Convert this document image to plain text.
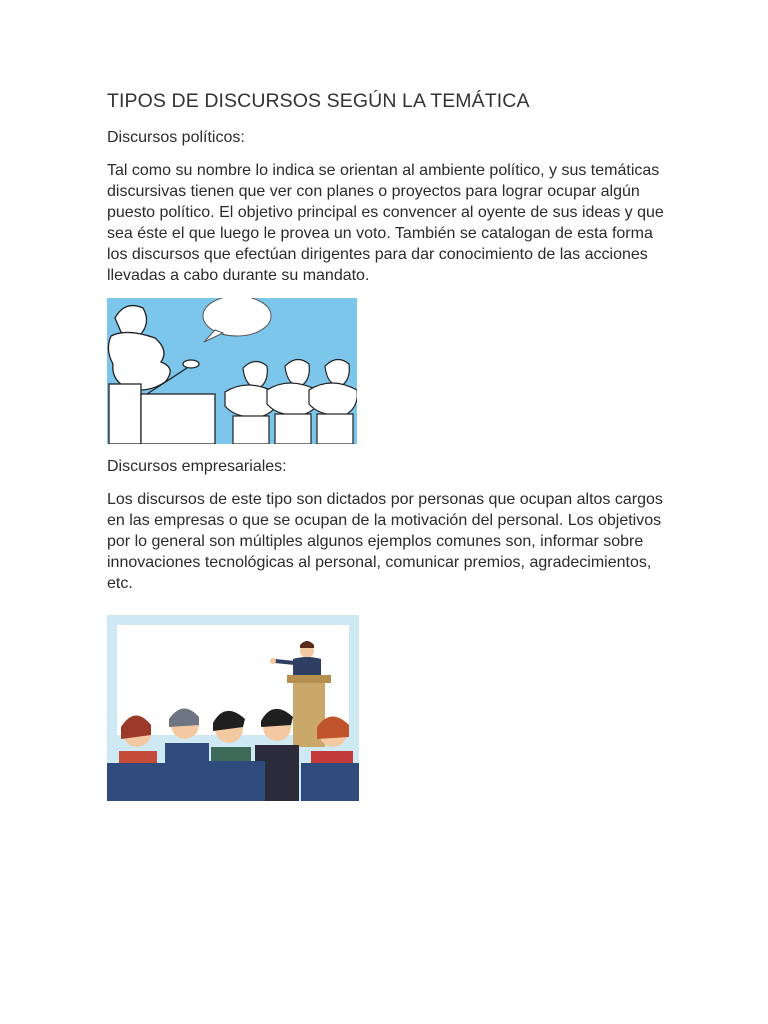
TIPOS DE DISCURSOS SEGÚN LA TEMÁTICA

Discursos políticos:

Tal como su nombre lo indica se orientan al ambiente político, y sus temáticas discursivas tienen que ver con planes o proyectos para lograr ocupar algún puesto político. El objetivo principal es convencer al oyente de sus ideas y que sea éste el que luego le provea un voto. También se catalogan de esta forma los discursos que efectúan dirigentes para dar conocimiento de las acciones llevadas a cabo durante su mandato.

Discursos empresariales:

Los discursos de este tipo son dictados por personas que ocupan altos cargos en las empresas o que se ocupan de la motivación del personal. Los objetivos por lo general son múltiples algunos ejemplos comunes son, informar sobre innovaciones tecnológicas al personal, comunicar premios, agradecimientos, etc.
